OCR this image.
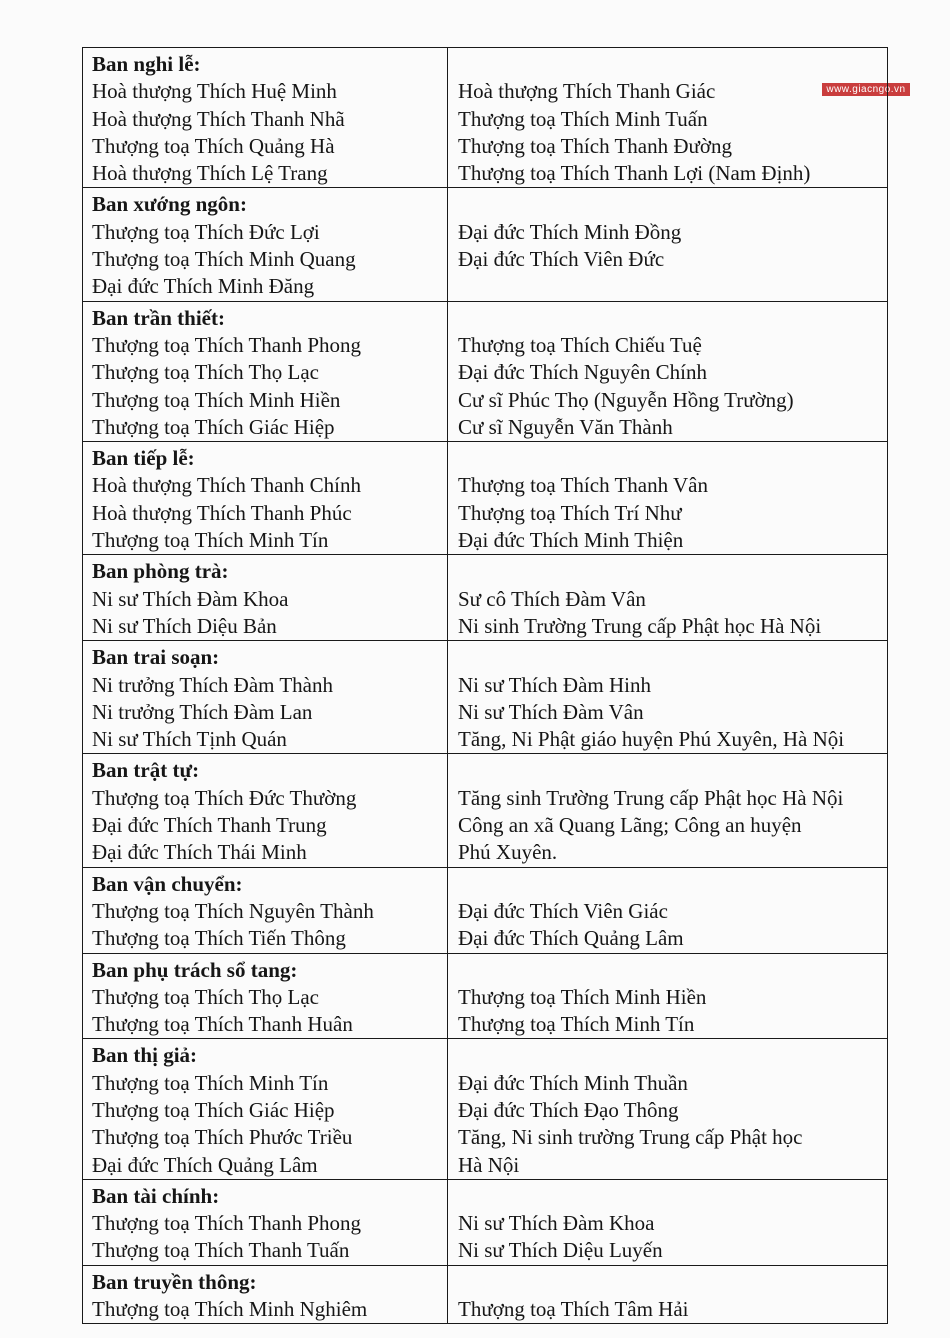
www.giacngo.vn
Ban nghi lễ:
Hoà thượng Thích Huệ Minh
Hoà thượng Thích Thanh Nhã
Thượng toạ Thích Quảng Hà
Hoà thượng Thích Lệ Trang
Hoà thượng Thích Thanh Giác
Thượng toạ Thích Minh Tuấn
Thượng toạ Thích Thanh Đường
Thượng toạ Thích Thanh Lợi (Nam Định)
Ban xướng ngôn:
Thượng toạ Thích Đức Lợi
Thượng toạ Thích Minh Quang
Đại đức Thích Minh Đăng
Đại đức Thích Minh Đồng
Đại đức Thích Viên Đức
Ban trần thiết:
Thượng toạ Thích Thanh Phong
Thượng toạ Thích Thọ Lạc
Thượng toạ Thích Minh Hiền
Thượng toạ Thích Giác Hiệp
Thượng toạ Thích Chiếu Tuệ
Đại đức Thích Nguyên Chính
Cư sĩ Phúc Thọ (Nguyễn Hồng Trường)
Cư sĩ Nguyễn Văn Thành
Ban tiếp lễ:
Hoà thượng Thích Thanh Chính
Hoà thượng Thích Thanh Phúc
Thượng toạ Thích Minh Tín
Thượng toạ Thích Thanh Vân
Thượng toạ Thích Trí Như
Đại đức Thích Minh Thiện
Ban phòng trà:
Ni sư Thích Đàm Khoa
Ni sư Thích Diệu Bản
Sư cô Thích Đàm Vân
Ni sinh Trường Trung cấp Phật học Hà Nội
Ban trai soạn:
Ni trưởng Thích Đàm Thành
Ni trưởng Thích Đàm Lan
Ni sư Thích Tịnh Quán
Ni sư Thích Đàm Hinh
Ni sư Thích Đàm Vân
Tăng, Ni Phật giáo huyện Phú Xuyên, Hà Nội
Ban trật tự:
Thượng toạ Thích Đức Thường
Đại đức Thích Thanh Trung
Đại đức Thích Thái Minh
Tăng sinh Trường Trung cấp Phật học Hà Nội
Công an xã Quang Lãng; Công an huyện
Phú Xuyên.
Ban vận chuyển:
Thượng toạ Thích Nguyên Thành
Thượng toạ Thích Tiến Thông
Đại đức Thích Viên Giác
Đại đức Thích Quảng Lâm
Ban phụ trách sổ tang:
Thượng toạ Thích Thọ Lạc
Thượng toạ Thích Thanh Huân
Thượng toạ Thích Minh Hiền
Thượng toạ Thích Minh Tín
Ban thị giả:
Thượng toạ Thích Minh Tín
Thượng toạ Thích Giác Hiệp
Thượng toạ Thích Phước Triều
Đại đức Thích Quảng Lâm
Đại đức Thích Minh Thuần
Đại đức Thích Đạo Thông
Tăng, Ni sinh trường Trung cấp Phật học
Hà Nội
Ban tài chính:
Thượng toạ Thích Thanh Phong
Thượng toạ Thích Thanh Tuấn
Ni sư Thích Đàm Khoa
Ni sư Thích Diệu Luyến
Ban truyền thông:
Thượng toạ Thích Minh Nghiêm	Thượng toạ Thích Tâm Hải
